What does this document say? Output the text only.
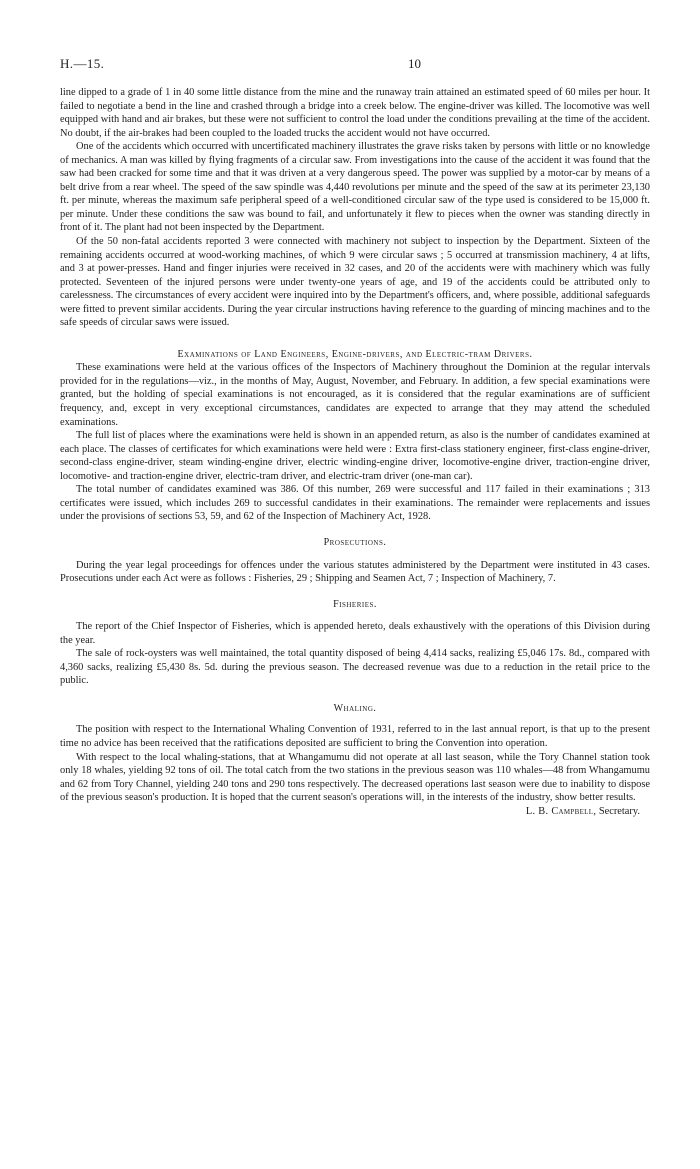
H.—15.	10

line dipped to a grade of 1 in 40 some little distance from the mine and the runaway train attained an estimated speed of 60 miles per hour. It failed to negotiate a bend in the line and crashed through a bridge into a creek below. The engine-driver was killed. The locomotive was well equipped with hand and air brakes, but these were not sufficient to control the load under the conditions prevailing at the time of the accident. No doubt, if the air-brakes had been coupled to the loaded trucks the accident would not have occurred.

One of the accidents which occurred with uncertificated machinery illustrates the grave risks taken by persons with little or no knowledge of mechanics. A man was killed by flying fragments of a circular saw. From investigations into the cause of the accident it was found that the saw had been cracked for some time and that it was driven at a very dangerous speed. The power was supplied by a motor-car by means of a belt drive from a rear wheel. The speed of the saw spindle was 4,440 revolutions per minute and the speed of the saw at its perimeter 23,130 ft. per minute, whereas the maximum safe peripheral speed of a well-conditioned circular saw of the type used is considered to be 15,000 ft. per minute. Under these conditions the saw was bound to fail, and unfortunately it flew to pieces when the owner was standing directly in front of it. The plant had not been inspected by the Department.

Of the 50 non-fatal accidents reported 3 were connected with machinery not subject to inspection by the Department. Sixteen of the remaining accidents occurred at wood-working machines, of which 9 were circular saws ; 5 occurred at transmission machinery, 4 at lifts, and 3 at power-presses. Hand and finger injuries were received in 32 cases, and 20 of the accidents were with machinery which was fully protected. Seventeen of the injured persons were under twenty-one years of age, and 19 of the accidents could be attributed only to carelessness. The circumstances of every accident were inquired into by the Department's officers, and, where possible, additional safeguards were fitted to prevent similar accidents. During the year circular instructions having reference to the guarding of mincing machines and to the safe speeds of circular saws were issued.

Examinations of Land Engineers, Engine-drivers, and Electric-tram Drivers.

These examinations were held at the various offices of the Inspectors of Machinery throughout the Dominion at the regular intervals provided for in the regulations—viz., in the months of May, August, November, and February. In addition, a few special examinations were granted, but the holding of special examinations is not encouraged, as it is considered that the regular examinations are of sufficient frequency, and, except in very exceptional circumstances, candidates are expected to arrange that they may attend the scheduled examinations.

The full list of places where the examinations were held is shown in an appended return, as also is the number of candidates examined at each place. The classes of certificates for which examinations were held were : Extra first-class stationery engineer, first-class engine-driver, second-class engine-driver, steam winding-engine driver, electric winding-engine driver, locomotive-engine driver, traction-engine driver, locomotive- and traction-engine driver, electric-tram driver, and electric-tram driver (one-man car).

The total number of candidates examined was 386. Of this number, 269 were successful and 117 failed in their examinations ; 313 certificates were issued, which includes 269 to successful candidates in their examinations. The remainder were replacements and issues under the provisions of sections 53, 59, and 62 of the Inspection of Machinery Act, 1928.

Prosecutions.

During the year legal proceedings for offences under the various statutes administered by the Department were instituted in 43 cases. Prosecutions under each Act were as follows : Fisheries, 29 ; Shipping and Seamen Act, 7 ; Inspection of Machinery, 7.

Fisheries.

The report of the Chief Inspector of Fisheries, which is appended hereto, deals exhaustively with the operations of this Division during the year.

The sale of rock-oysters was well maintained, the total quantity disposed of being 4,414 sacks, realizing £5,046 17s. 8d., compared with 4,360 sacks, realizing £5,430 8s. 5d. during the previous season. The decreased revenue was due to a reduction in the retail price to the public.

Whaling.

The position with respect to the International Whaling Convention of 1931, referred to in the last annual report, is that up to the present time no advice has been received that the ratifications deposited are sufficient to bring the Convention into operation.

With respect to the local whaling-stations, that at Whangamumu did not operate at all last season, while the Tory Channel station took only 18 whales, yielding 92 tons of oil. The total catch from the two stations in the previous season was 110 whales—48 from Whangamumu and 62 from Tory Channel, yielding 240 tons and 290 tons respectively. The decreased operations last season were due to inability to dispose of the previous season's production. It is hoped that the current season's operations will, in the interests of the industry, show better results.

L. B. Campbell, Secretary.
